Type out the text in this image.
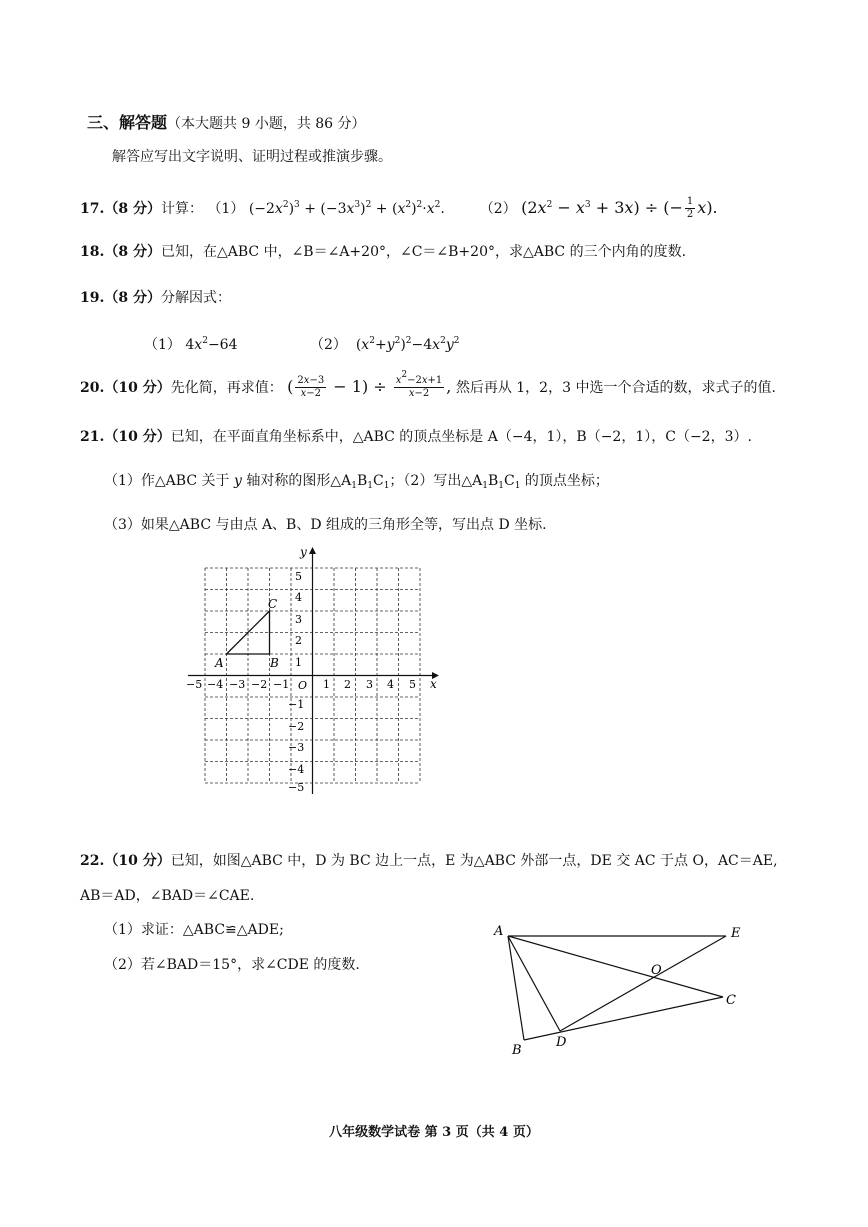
三、解答题（本大题共 9 小题，共 86 分）
解答应写出文字说明、证明过程或推演步骤。
17.（8 分）计算： （1） $(-2x^2)^3 + (-3x^3)^2 + (x^2)^2\cdot x^2$. （2） $(2x^2 - x^3 + 3x)$ ÷ (− $\frac{1}{2} x$).
18.（8 分）已知，在△ABC 中，∠B＝∠A+20°，∠C＝∠B+20°，求△ABC 的三个内角的度数.
19.（8 分）分解因式：
（1） $4x^2-64$	（2）  $(x^2+y^2)^2-4x^2y^2$
20.（10 分）先化简，再求值： ( $\frac{2x-3}{x-2} - 1) \div \frac{x^2-2x+1}{x-2}$ , 然后再从 1，2，3 中选一个合适的数，求式子的值.
21.（10 分）已知，在平面直角坐标系中，△ABC 的顶点坐标是 A（−4，1），B（−2，1），C（−2，3）.
（1）作△ABC 关于 y 轴对称的图形$\triangle A_1B_1C_1$；（2）写出$\triangle A_1B_1C_1$ 的顶点坐标；
（3）如果△ABC 与由点 A、B、D 组成的三角形全等，写出点 D 坐标.
x
y
O
−5 −4 −3 −2 −1	1 2 3 4 5
5
4
3
2
1
−1
−2
−3
−4
−5
A	B
C
22.（10 分）已知，如图△ABC 中，D 为 BC 边上一点，E 为△ABC 外部一点，DE 交 AC 于点 O，AC＝AE,
AB＝AD，∠BAD＝∠CAE.
（1）求证：△ABC≌△ADE;
（2）若∠BAD＝15°，求∠CDE 的度数.
A	E
O
C
B
D
八年级数学试卷 第 3 页（共 4 页）
